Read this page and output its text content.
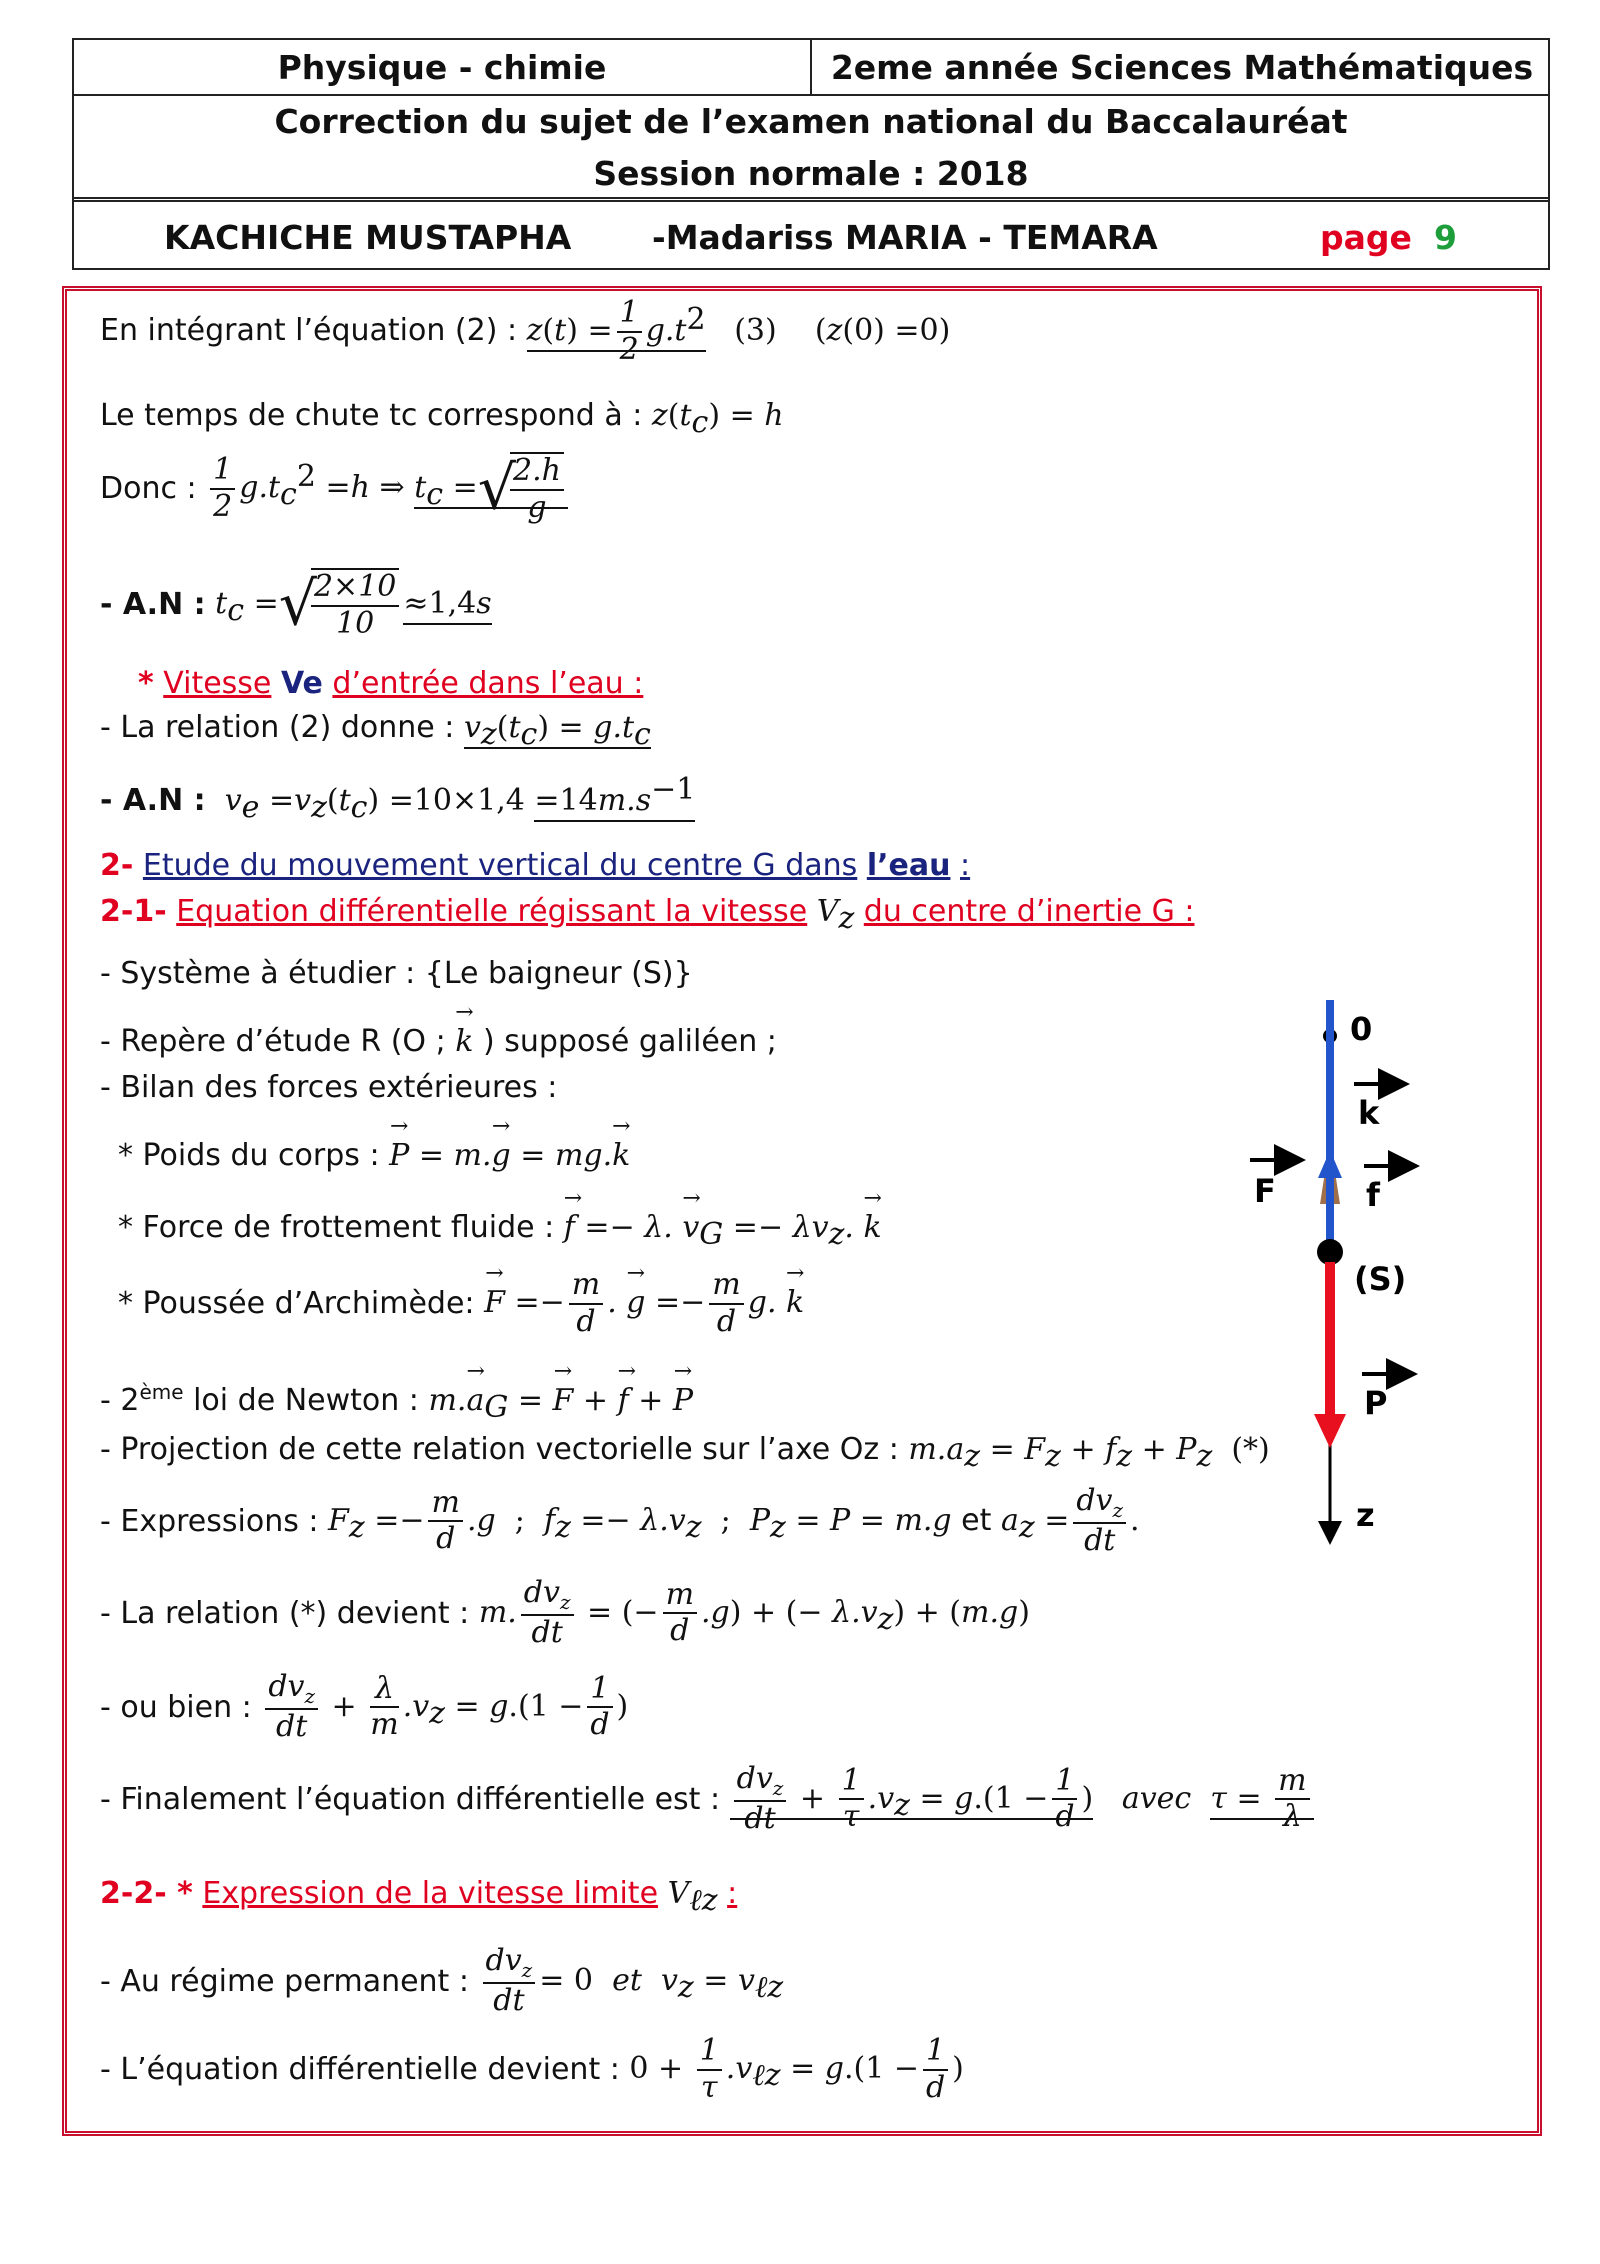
Physique - chimie	2eme année Sciences Mathématiques
Correction du sujet de l’examen national du Baccalauréat
Session normale : 2018
KACHICHE MUSTAPHA -Madariss MARIA - TEMARA	page 9
En intégrant l’équation (2) : $z(t) = \frac{1}{2} g.t^2$   (3)    (z(0) =0)
Le temps de chute tc correspond à : $z(t_c) = h$
Donc : $\frac{1}{2} g.t_c^2 =h$ ⇒ $t_c$ =√
$\frac{2.h}{g}$
- A.N : $t_c$ =√
$\frac{2\times 10}{10} \approx 1,4s$
* Vitesse Ve d’entrée dans l’eau :
- La relation (2) donne : $v_z(t_c) = g.t_c$
- A.N : $v_e =v_z(t_c) =10\times 1,4 =14m.s^{-1}$
2- Etude du mouvement vertical du centre G dans l’eau :
2-1- Equation différentielle régissant la vitesse $V_z$ du centre d’inertie G :
- Système à étudier : {Le baigneur (S)}
- Repère d’étude R (O ; → k ) supposé galiléen ;
- Bilan des forces extérieures :
* Poids du corps : → P = m.→ g = mg.→ k
* Force de frottement fluide : → f =− λ. → $v_G =- \lambda v_z$. → k
* Poussée d’Archimède: → $F =- \frac{m}{d}$ . → $g =- \frac{m}{d} g$. → k
- 2ème loi de Newton : $m.\to a_G$ = → F + → f + → P
- Projection de cette relation vectorielle sur l’axe Oz : $m.a_z = F_z + f_z + P_z$  (*)
- Expressions : $F_z =- \frac{m}{d} .g$  ;  $f_z =- \lambda.v_z$  ;  $P_z = P = m.g$ et $a_z = \frac{dv_z}{dt}$ .
- La relation (*) devient : m. $\frac{dv_z}{dt}$ = (− $\frac{m}{d} .g$) + (− $\lambda.v_z) + (m.g)$
- ou bien : $\frac{dv_z}{dt} + \frac{\lambda}{m} .v_z = g.(1 - \frac{1}{d}$ )
- Finalement l’équation différentielle est : $\frac{dv_z}{dt} + \frac{1}{\tau} .v_z = g.(1 - \frac{1}{d}$ )   avec  $\tau = \frac{m}{\lambda}$
2-2- * Expression de la vitesse limite $V_{\ell z}$ :
- Au régime permanent : $\frac{dv_z}{dt} = 0$  et  $v_z = v_{\ell z}$
- L’équation différentielle devient : $0 + \frac{1}{\tau} .v_{\ell z} = g.(1 - \frac{1}{d}$ )
0
k
F	f
(S)
P
z
